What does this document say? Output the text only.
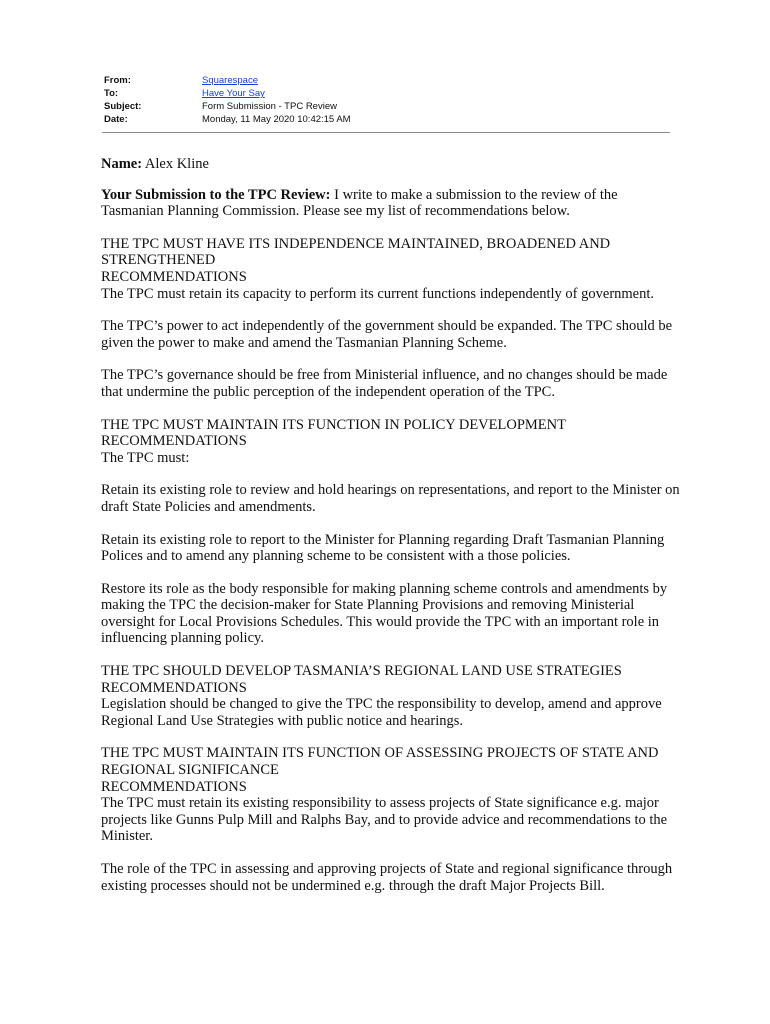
From:	Squarespace
To:	Have Your Say
Subject:	Form Submission - TPC Review
Date:	Monday, 11 May 2020 10:42:15 AM

Name: Alex Kline

Your Submission to the TPC Review: I write to make a submission to the review of the Tasmanian Planning Commission. Please see my list of recommendations below.

THE TPC MUST HAVE ITS INDEPENDENCE MAINTAINED, BROADENED AND STRENGTHENED

RECOMMENDATIONS

The TPC must retain its capacity to perform its current functions independently of government.

The TPC’s power to act independently of the government should be expanded. The TPC should be given the power to make and amend the Tasmanian Planning Scheme.

The TPC’s governance should be free from Ministerial influence, and no changes should be made that undermine the public perception of the independent operation of the TPC.

THE TPC MUST MAINTAIN ITS FUNCTION IN POLICY DEVELOPMENT

RECOMMENDATIONS

The TPC must:

Retain its existing role to review and hold hearings on representations, and report to the Minister on draft State Policies and amendments.

Retain its existing role to report to the Minister for Planning regarding Draft Tasmanian Planning Polices and to amend any planning scheme to be consistent with a those policies.

Restore its role as the body responsible for making planning scheme controls and amendments by making the TPC the decision-maker for State Planning Provisions and removing Ministerial oversight for Local Provisions Schedules. This would provide the TPC with an important role in influencing planning policy.

THE TPC SHOULD DEVELOP TASMANIA’S REGIONAL LAND USE STRATEGIES

RECOMMENDATIONS

Legislation should be changed to give the TPC the responsibility to develop, amend and approve Regional Land Use Strategies with public notice and hearings.

THE TPC MUST MAINTAIN ITS FUNCTION OF ASSESSING PROJECTS OF STATE AND REGIONAL SIGNIFICANCE

RECOMMENDATIONS

The TPC must retain its existing responsibility to assess projects of State significance e.g. major projects like Gunns Pulp Mill and Ralphs Bay, and to provide advice and recommendations to the Minister.

The role of the TPC in assessing and approving projects of State and regional significance through existing processes should not be undermined e.g. through the draft Major Projects Bill.
